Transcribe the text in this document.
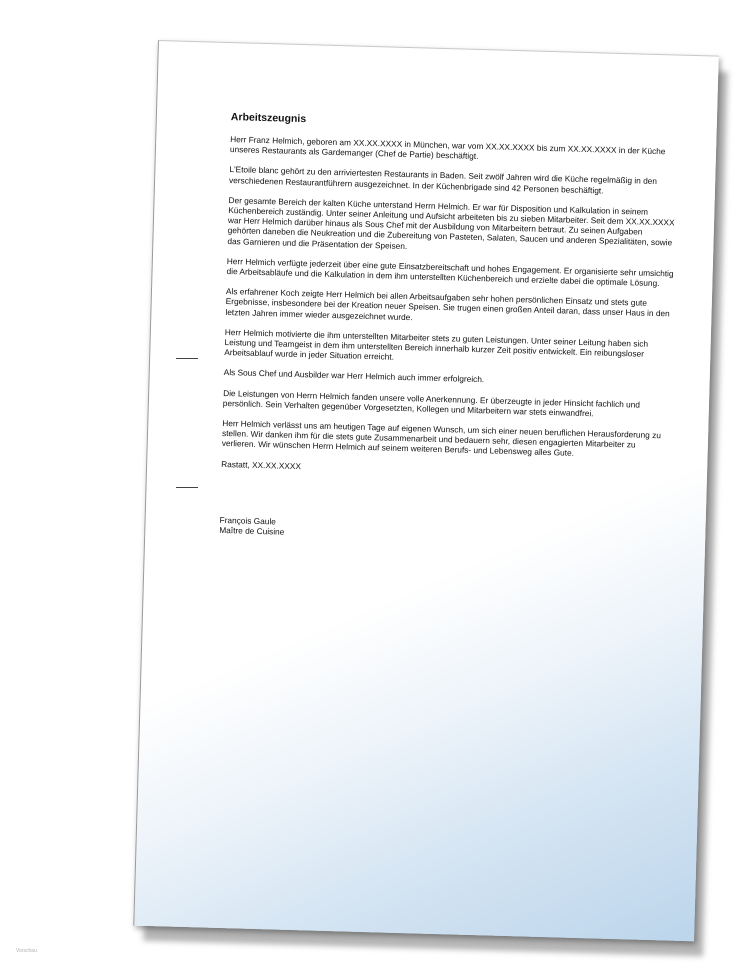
Arbeitszeugnis

Herr Franz Helmich, geboren am XX.XX.XXXX in München, war vom XX.XX.XXXX bis zum XX.XX.XXXX in der Küche unseres Restaurants als Gardemanger (Chef de Partie) beschäftigt.

L'Etoile blanc gehört zu den arriviertesten Restaurants in Baden. Seit zwölf Jahren wird die Küche regelmäßig in den verschiedenen Restaurantführern ausgezeichnet. In der Küchenbrigade sind 42 Personen beschäftigt.

Der gesamte Bereich der kalten Küche unterstand Herrn Helmich. Er war für Disposition und Kalkulation in seinem Küchenbereich zuständig. Unter seiner Anleitung und Aufsicht arbeiteten bis zu sieben Mitarbeiter. Seit dem XX.XX.XXXX war Herr Helmich darüber hinaus als Sous Chef mit der Ausbildung von Mitarbeitern betraut. Zu seinen Aufgaben gehörten daneben die Neukreation und die Zubereitung von Pasteten, Salaten, Saucen und anderen Spezialitäten, sowie das Garnieren und die Präsentation der Speisen.

Herr Helmich verfügte jederzeit über eine gute Einsatzbereitschaft und hohes Engagement. Er organisierte sehr umsichtig die Arbeitsabläufe und die Kalkulation in dem ihm unterstellten Küchenbereich und erzielte dabei die optimale Lösung.

Als erfahrener Koch zeigte Herr Helmich bei allen Arbeitsaufgaben sehr hohen persönlichen Einsatz und stets gute Ergebnisse, insbesondere bei der Kreation neuer Speisen. Sie trugen einen großen Anteil daran, dass unser Haus in den letzten Jahren immer wieder ausgezeichnet wurde.

Herr Helmich motivierte die ihm unterstellten Mitarbeiter stets zu guten Leistungen. Unter seiner Leitung haben sich Leistung und Teamgeist in dem ihm unterstellten Bereich innerhalb kurzer Zeit positiv entwickelt. Ein reibungsloser Arbeitsablauf wurde in jeder Situation erreicht.

Als Sous Chef und Ausbilder war Herr Helmich auch immer erfolgreich.

Die Leistungen von Herrn Helmich fanden unsere volle Anerkennung. Er überzeugte in jeder Hinsicht fachlich und persönlich. Sein Verhalten gegenüber Vorgesetzten, Kollegen und Mitarbeitern war stets einwandfrei.

Herr Helmich verlässt uns am heutigen Tage auf eigenen Wunsch, um sich einer neuen beruflichen Herausforderung zu stellen. Wir danken ihm für die stets gute Zusammenarbeit und bedauern sehr, diesen engagierten Mitarbeiter zu verlieren. Wir wünschen Herrn Helmich auf seinem weiteren Berufs- und Lebensweg alles Gute.

Rastatt, XX.XX.XXXX
François Gaule
Maître de Cuisine
Vorschau
